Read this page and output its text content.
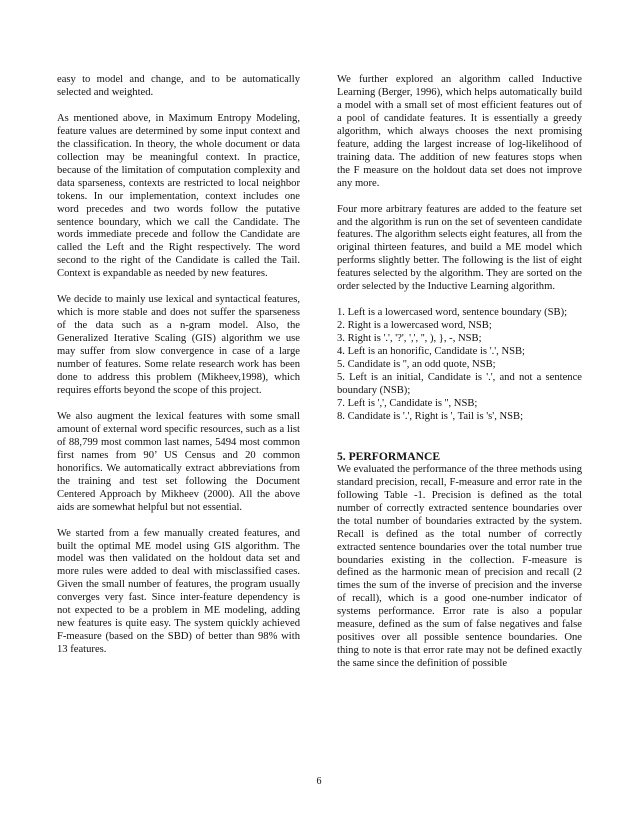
easy to model and change, and to be automatically selected and weighted.

As mentioned above, in Maximum Entropy Modeling, feature values are determined by some input context and the classification. In theory, the whole document or data collection may be meaningful context. In practice, because of the limitation of computation complexity and data sparseness, contexts are restricted to local neighbor tokens. In our implementation, context includes one word precedes and two words follow the putative sentence boundary, which we call the Candidate. The words immediate precede and follow the Candidate are called the Left and the Right respectively. The word second to the right of the Candidate is called the Tail. Context is expandable as needed by new features.

We decide to mainly use lexical and syntactical features, which is more stable and does not suffer the sparseness of the data such as a n-gram model. Also, the Generalized Iterative Scaling (GIS) algorithm we use may suffer from slow convergence in case of a large number of features. Some relate research work has been done to address this problem (Mikheev,1998), which requires efforts beyond the scope of this project.

We also augment the lexical features with some small amount of external word specific resources, such as a list of 88,799 most common last names, 5494 most common first names from 90’ US Census and 20 common honorifics. We automatically extract abbreviations from the training and test set following the Document Centered Approach by Mikheev (2000). All the above aids are somewhat helpful but not essential.

We started from a few manually created features, and built the optimal ME model using GIS algorithm. The model was then validated on the holdout data set and more rules were added to deal with misclassified cases. Given the small number of features, the program usually converges very fast. Since inter-feature dependency is not expected to be a problem in ME modeling, adding new features is quite easy. The system quickly achieved F-measure (based on the SBD) of better than 98% with 13 features.

We further explored an algorithm called Inductive Learning (Berger, 1996), which helps automatically build a model with a small set of most efficient features out of a pool of candidate features. It is essentially a greedy algorithm, which always chooses the next promising feature, adding the largest increase of log-likelihood of training data. The addition of new features stops when the F measure on the holdout data set does not improve any more.

Four more arbitrary features are added to the feature set and the algorithm is run on the set of seventeen candidate features. The algorithm selects eight features, all from the original thirteen features, and build a ME model which performs slightly better. The following is the list of eight features selected by the algorithm. They are sorted on the order selected by the Inductive Learning algorithm.

1. Left is a lowercased word, sentence boundary (SB);
2. Right is a lowercased word, NSB;
3. Right is '.', '?', ',', '', ), }, -, NSB;
4. Left is an honorific, Candidate is '.', NSB;
5. Candidate is '', an odd quote, NSB;
5. Left is an initial, Candidate is '.', and not a sentence boundary (NSB);
7. Left is ',', Candidate is '', NSB;
8. Candidate is '.', Right is ', Tail is 's', NSB;
5. PERFORMANCE

We evaluated the performance of the three methods using standard precision, recall, F-measure and error rate in the following Table -1. Precision is defined as the total number of correctly extracted sentence boundaries over the total number of boundaries extracted by the system. Recall is defined as the total number of correctly extracted sentence boundaries over the total number true boundaries existing in the collection. F-measure is defined as the harmonic mean of precision and recall (2 times the sum of the inverse of precision and the inverse of recall), which is a good one-number indicator of systems performance. Error rate is also a popular measure, defined as the sum of false negatives and false positives over all possible sentence boundaries. One thing to note is that error rate may not be defined exactly the same since the definition of possible

6
